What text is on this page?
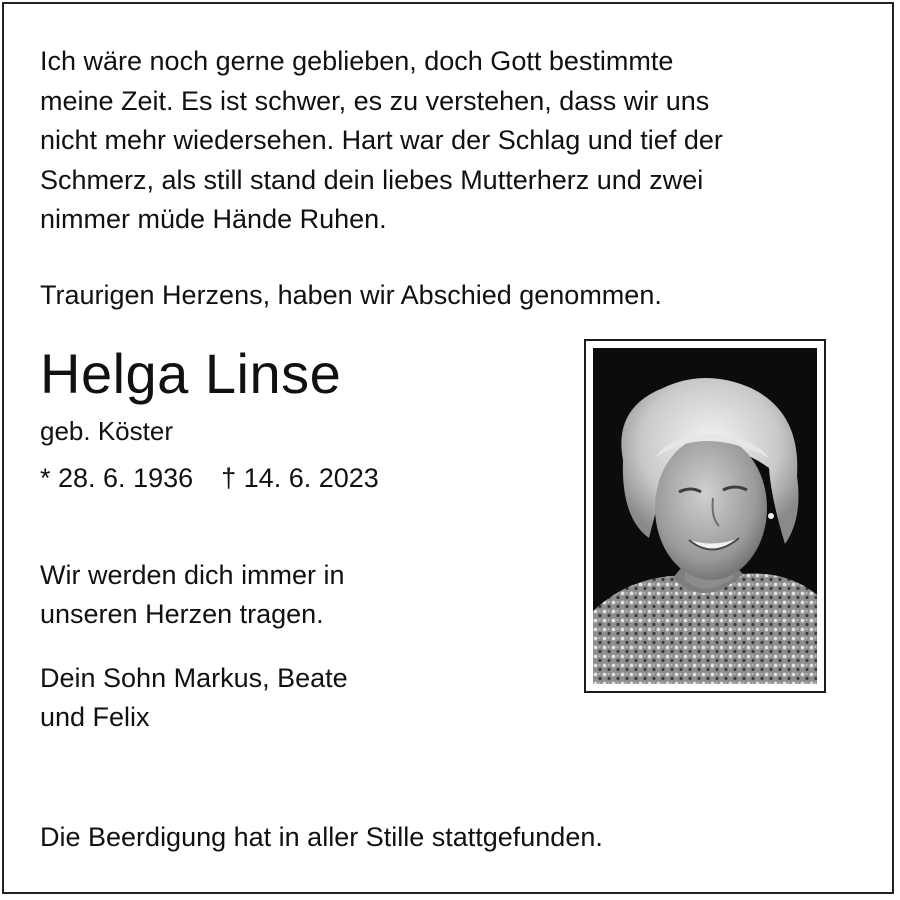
Ich wäre noch gerne geblieben, doch Gott bestimmte
meine Zeit. Es ist schwer, es zu verstehen, dass wir uns
nicht mehr wiedersehen. Hart war der Schlag und tief der
Schmerz, als still stand dein liebes Mutterherz und zwei
nimmer müde Hände Ruhen.

Traurigen Herzens, haben wir Abschied genommen.

Helga Linse

geb. Köster

* 28. 6. 1936 † 14. 6. 2023

Wir werden dich immer in
unseren Herzen tragen.
Dein Sohn Markus, Beate
und Felix

Die Beerdigung hat in aller Stille stattgefunden.
